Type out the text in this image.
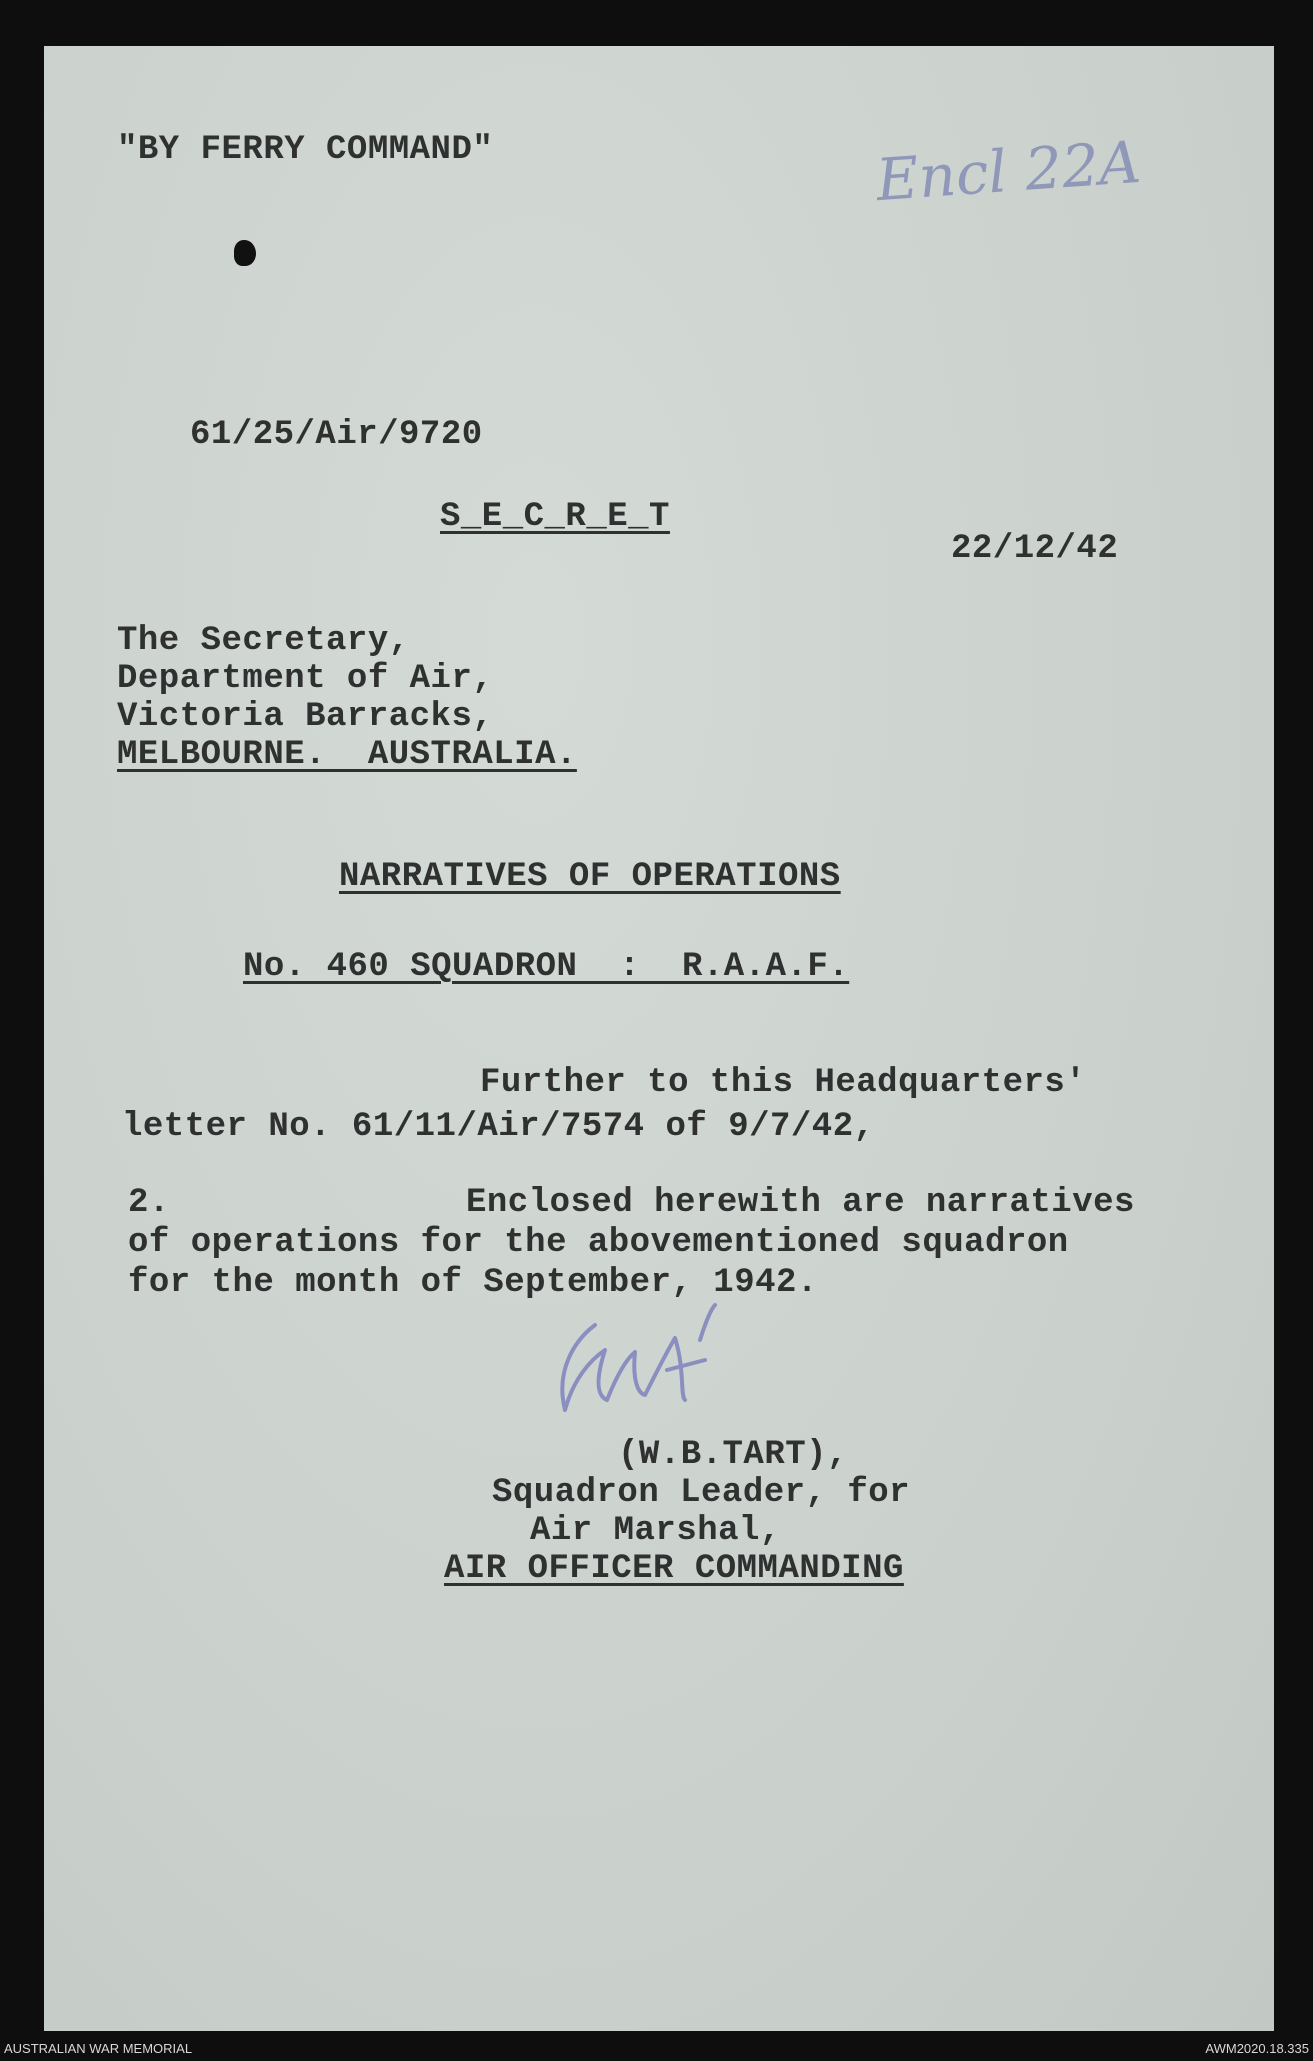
"BY FERRY COMMAND"	Encl 22A
61/25/Air/9720
S_E_C_R_E_T
22/12/42
The Secretary,
Department of Air,
Victoria Barracks,
MELBOURNE.  AUSTRALIA.
NARRATIVES OF OPERATIONS
No. 460 SQUADRON  :  R.A.A.F.
Further to this Headquarters'
letter No. 61/11/Air/7574 of 9/7/42,
2.	Enclosed herewith are narratives
of operations for the abovementioned squadron
for the month of September, 1942.
(W.B.TART),
Squadron Leader, for
Air Marshal,
AIR OFFICER COMMANDING
AUSTRALIAN WAR MEMORIAL	AWM2020.18.335
